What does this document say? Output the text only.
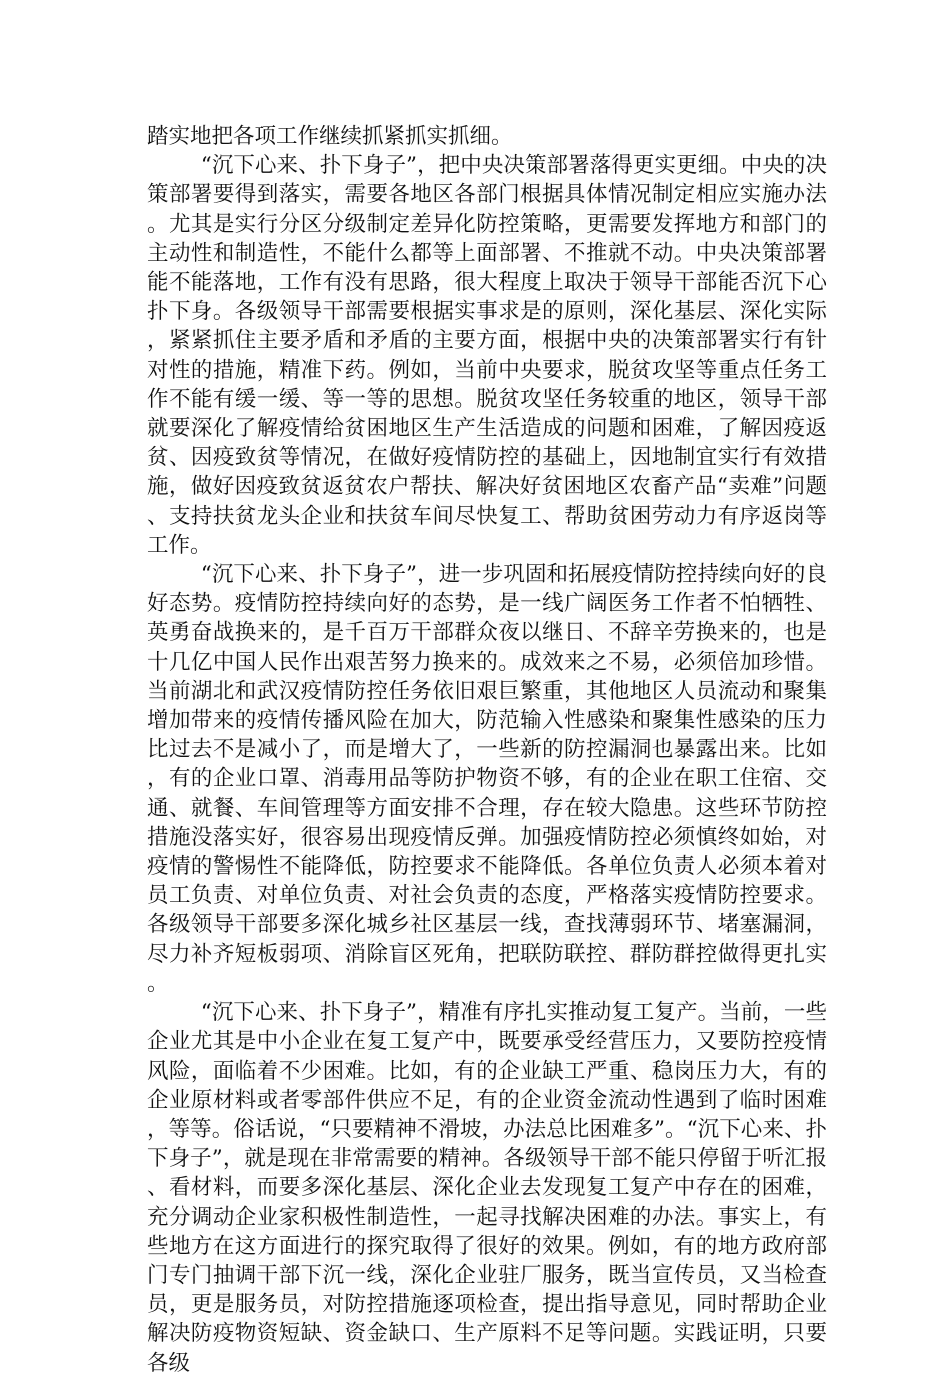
踏实地把各项工作继续抓紧抓实抓细。

“沉下心来、扑下身子”，把中央决策部署落得更实更细。中央的决策部署要得到落实，需要各地区各部门根据具体情况制定相应实施办法。尤其是实行分区分级制定差异化防控策略，更需要发挥地方和部门的主动性和制造性，不能什么都等上面部署、不推就不动。中央决策部署能不能落地，工作有没有思路，很大程度上取决于领导干部能否沉下心扑下身。各级领导干部需要根据实事求是的原则，深化基层、深化实际，紧紧抓住主要矛盾和矛盾的主要方面，根据中央的决策部署实行有针对性的措施，精准下药。例如，当前中央要求，脱贫攻坚等重点任务工作不能有缓一缓、等一等的思想。脱贫攻坚任务较重的地区，领导干部就要深化了解疫情给贫困地区生产生活造成的问题和困难，了解因疫返贫、因疫致贫等情况，在做好疫情防控的基础上，因地制宜实行有效措施，做好因疫致贫返贫农户帮扶、解决好贫困地区农畜产品“卖难”问题、支持扶贫龙头企业和扶贫车间尽快复工、帮助贫困劳动力有序返岗等工作。

“沉下心来、扑下身子”，进一步巩固和拓展疫情防控持续向好的良好态势。疫情防控持续向好的态势，是一线广阔医务工作者不怕牺牲、英勇奋战换来的，是千百万干部群众夜以继日、不辞辛劳换来的，也是十几亿中国人民作出艰苦努力换来的。成效来之不易，必须倍加珍惜。当前湖北和武汉疫情防控任务依旧艰巨繁重，其他地区人员流动和聚集增加带来的疫情传播风险在加大，防范输入性感染和聚集性感染的压力比过去不是减小了，而是增大了，一些新的防控漏洞也暴露出来。比如，有的企业口罩、消毒用品等防护物资不够，有的企业在职工住宿、交通、就餐、车间管理等方面安排不合理，存在较大隐患。这些环节防控措施没落实好，很容易出现疫情反弹。加强疫情防控必须慎终如始，对疫情的警惕性不能降低，防控要求不能降低。各单位负责人必须本着对员工负责、对单位负责、对社会负责的态度，严格落实疫情防控要求。各级领导干部要多深化城乡社区基层一线，查找薄弱环节、堵塞漏洞，尽力补齐短板弱项、消除盲区死角，把联防联控、群防群控做得更扎实。

“沉下心来、扑下身子”，精准有序扎实推动复工复产。当前，一些企业尤其是中小企业在复工复产中，既要承受经营压力，又要防控疫情风险，面临着不少困难。比如，有的企业缺工严重、稳岗压力大，有的企业原材料或者零部件供应不足，有的企业资金流动性遇到了临时困难，等等。俗话说，“只要精神不滑坡，办法总比困难多”。“沉下心来、扑下身子”，就是现在非常需要的精神。各级领导干部不能只停留于听汇报、看材料，而要多深化基层、深化企业去发现复工复产中存在的困难，充分调动企业家积极性制造性，一起寻找解决困难的办法。事实上，有些地方在这方面进行的探究取得了很好的效果。例如，有的地方政府部门专门抽调干部下沉一线，深化企业驻厂服务，既当宣传员，又当检查员，更是服务员，对防控措施逐项检查，提出指导意见，同时帮助企业解决防疫物资短缺、资金缺口、生产原料不足等问题。实践证明，只要各级
